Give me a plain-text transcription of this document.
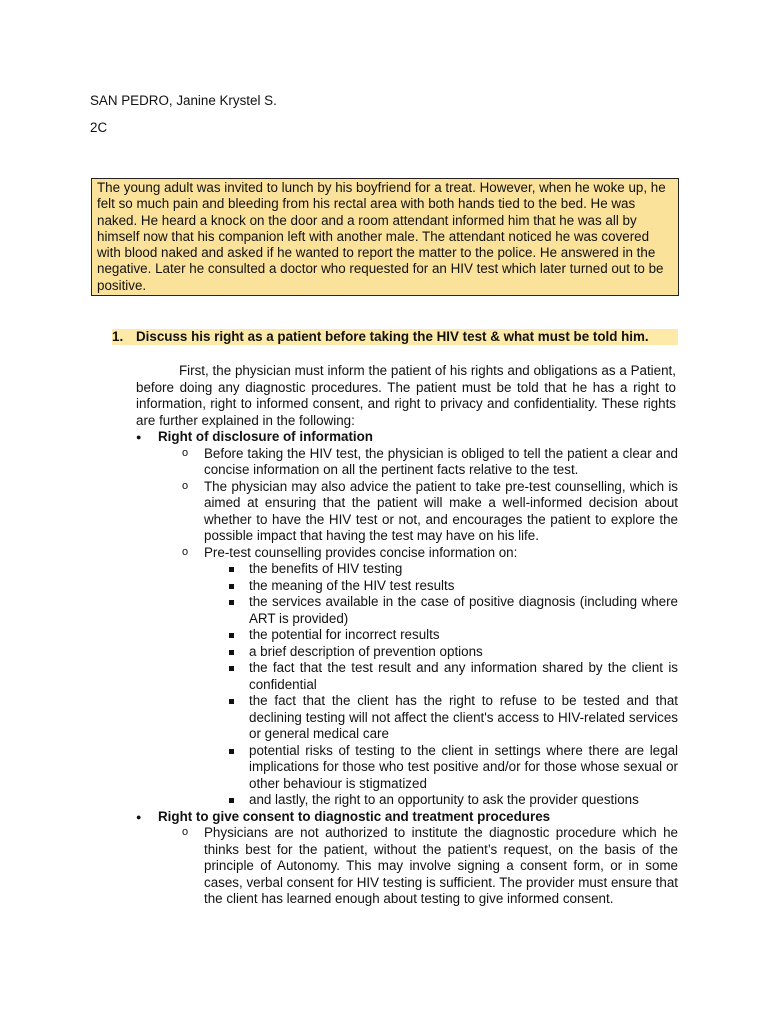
SAN PEDRO, Janine Krystel S.
2C
The young adult was invited to lunch by his boyfriend for a treat. However, when he woke up, he felt so much pain and bleeding from his rectal area with both hands tied to the bed. He was naked. He heard a knock on the door and a room attendant informed him that he was all by himself now that his companion left with another male. The attendant noticed he was covered with blood naked and asked if he wanted to report the matter to the police. He answered in the negative. Later he consulted a doctor who requested for an HIV test which later turned out to be positive.
1. Discuss his right as a patient before taking the HIV test & what must be told him.
First, the physician must inform the patient of his rights and obligations as a Patient, before doing any diagnostic procedures. The patient must be told that he has a right to information, right to informed consent, and right to privacy and confidentiality. These rights are further explained in the following:
● Right of disclosure of information
o Before taking the HIV test, the physician is obliged to tell the patient a clear and concise information on all the pertinent facts relative to the test.
o The physician may also advice the patient to take pre-test counselling, which is aimed at ensuring that the patient will make a well-informed decision about whether to have the HIV test or not, and encourages the patient to explore the possible impact that having the test may have on his life.
o Pre-test counselling provides concise information on:
the benefits of HIV testing
the meaning of the HIV test results
the services available in the case of positive diagnosis (including where ART is provided)
the potential for incorrect results
a brief description of prevention options
the fact that the test result and any information shared by the client is confidential
the fact that the client has the right to refuse to be tested and that declining testing will not affect the client's access to HIV-related services or general medical care
potential risks of testing to the client in settings where there are legal implications for those who test positive and/or for those whose sexual or other behaviour is stigmatized
and lastly, the right to an opportunity to ask the provider questions
● Right to give consent to diagnostic and treatment procedures
o Physicians are not authorized to institute the diagnostic procedure which he thinks best for the patient, without the patient’s request, on the basis of the principle of Autonomy. This may involve signing a consent form, or in some cases, verbal consent for HIV testing is sufficient. The provider must ensure that the client has learned enough about testing to give informed consent.
